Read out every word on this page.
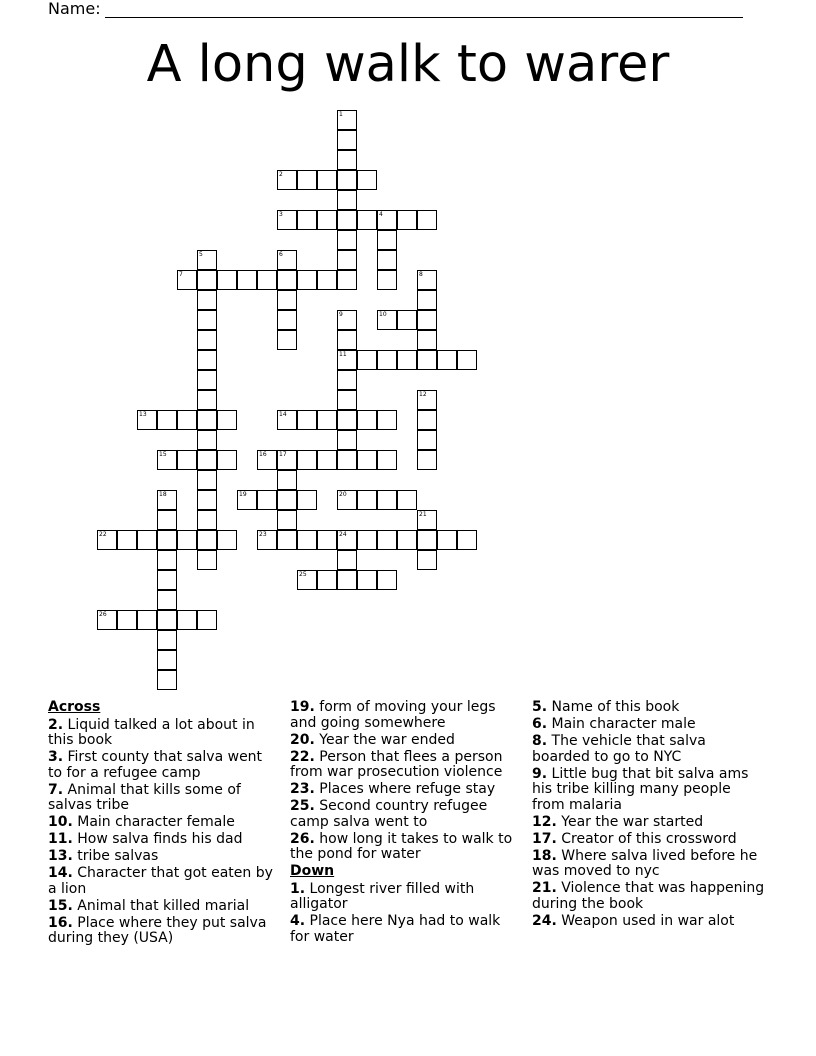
Name:
A long walk to warer
2
3	4
7
10
11
13	14
15	16 17
19	20
22	23	24
25
26
1
5	6
8
9
12
18
21
Across
2. Liquid talked a lot about in this book
3. First county that salva went to for a refugee camp
7. Animal that kills some of salvas tribe
10. Main character female
11. How salva finds his dad
13. tribe salvas
14. Character that got eaten by a lion
15. Animal that killed marial
16. Place where they put salva during they (USA)
19. form of moving your legs and going somewhere
20. Year the war ended
22. Person that flees a person from war prosecution violence
23. Places where refuge stay
25. Second country refugee camp salva went to
26. how long it takes to walk to the pond for water
Down
1. Longest river filled with alligator
4. Place here Nya had to walk for water
5. Name of this book
6. Main character male
8. The vehicle that salva boarded to go to NYC
9. Little bug that bit salva ams his tribe killing many people from malaria
12. Year the war started
17. Creator of this crossword
18. Where salva lived before he was moved to nyc
21. Violence that was happening during the book
24. Weapon used in war alot
